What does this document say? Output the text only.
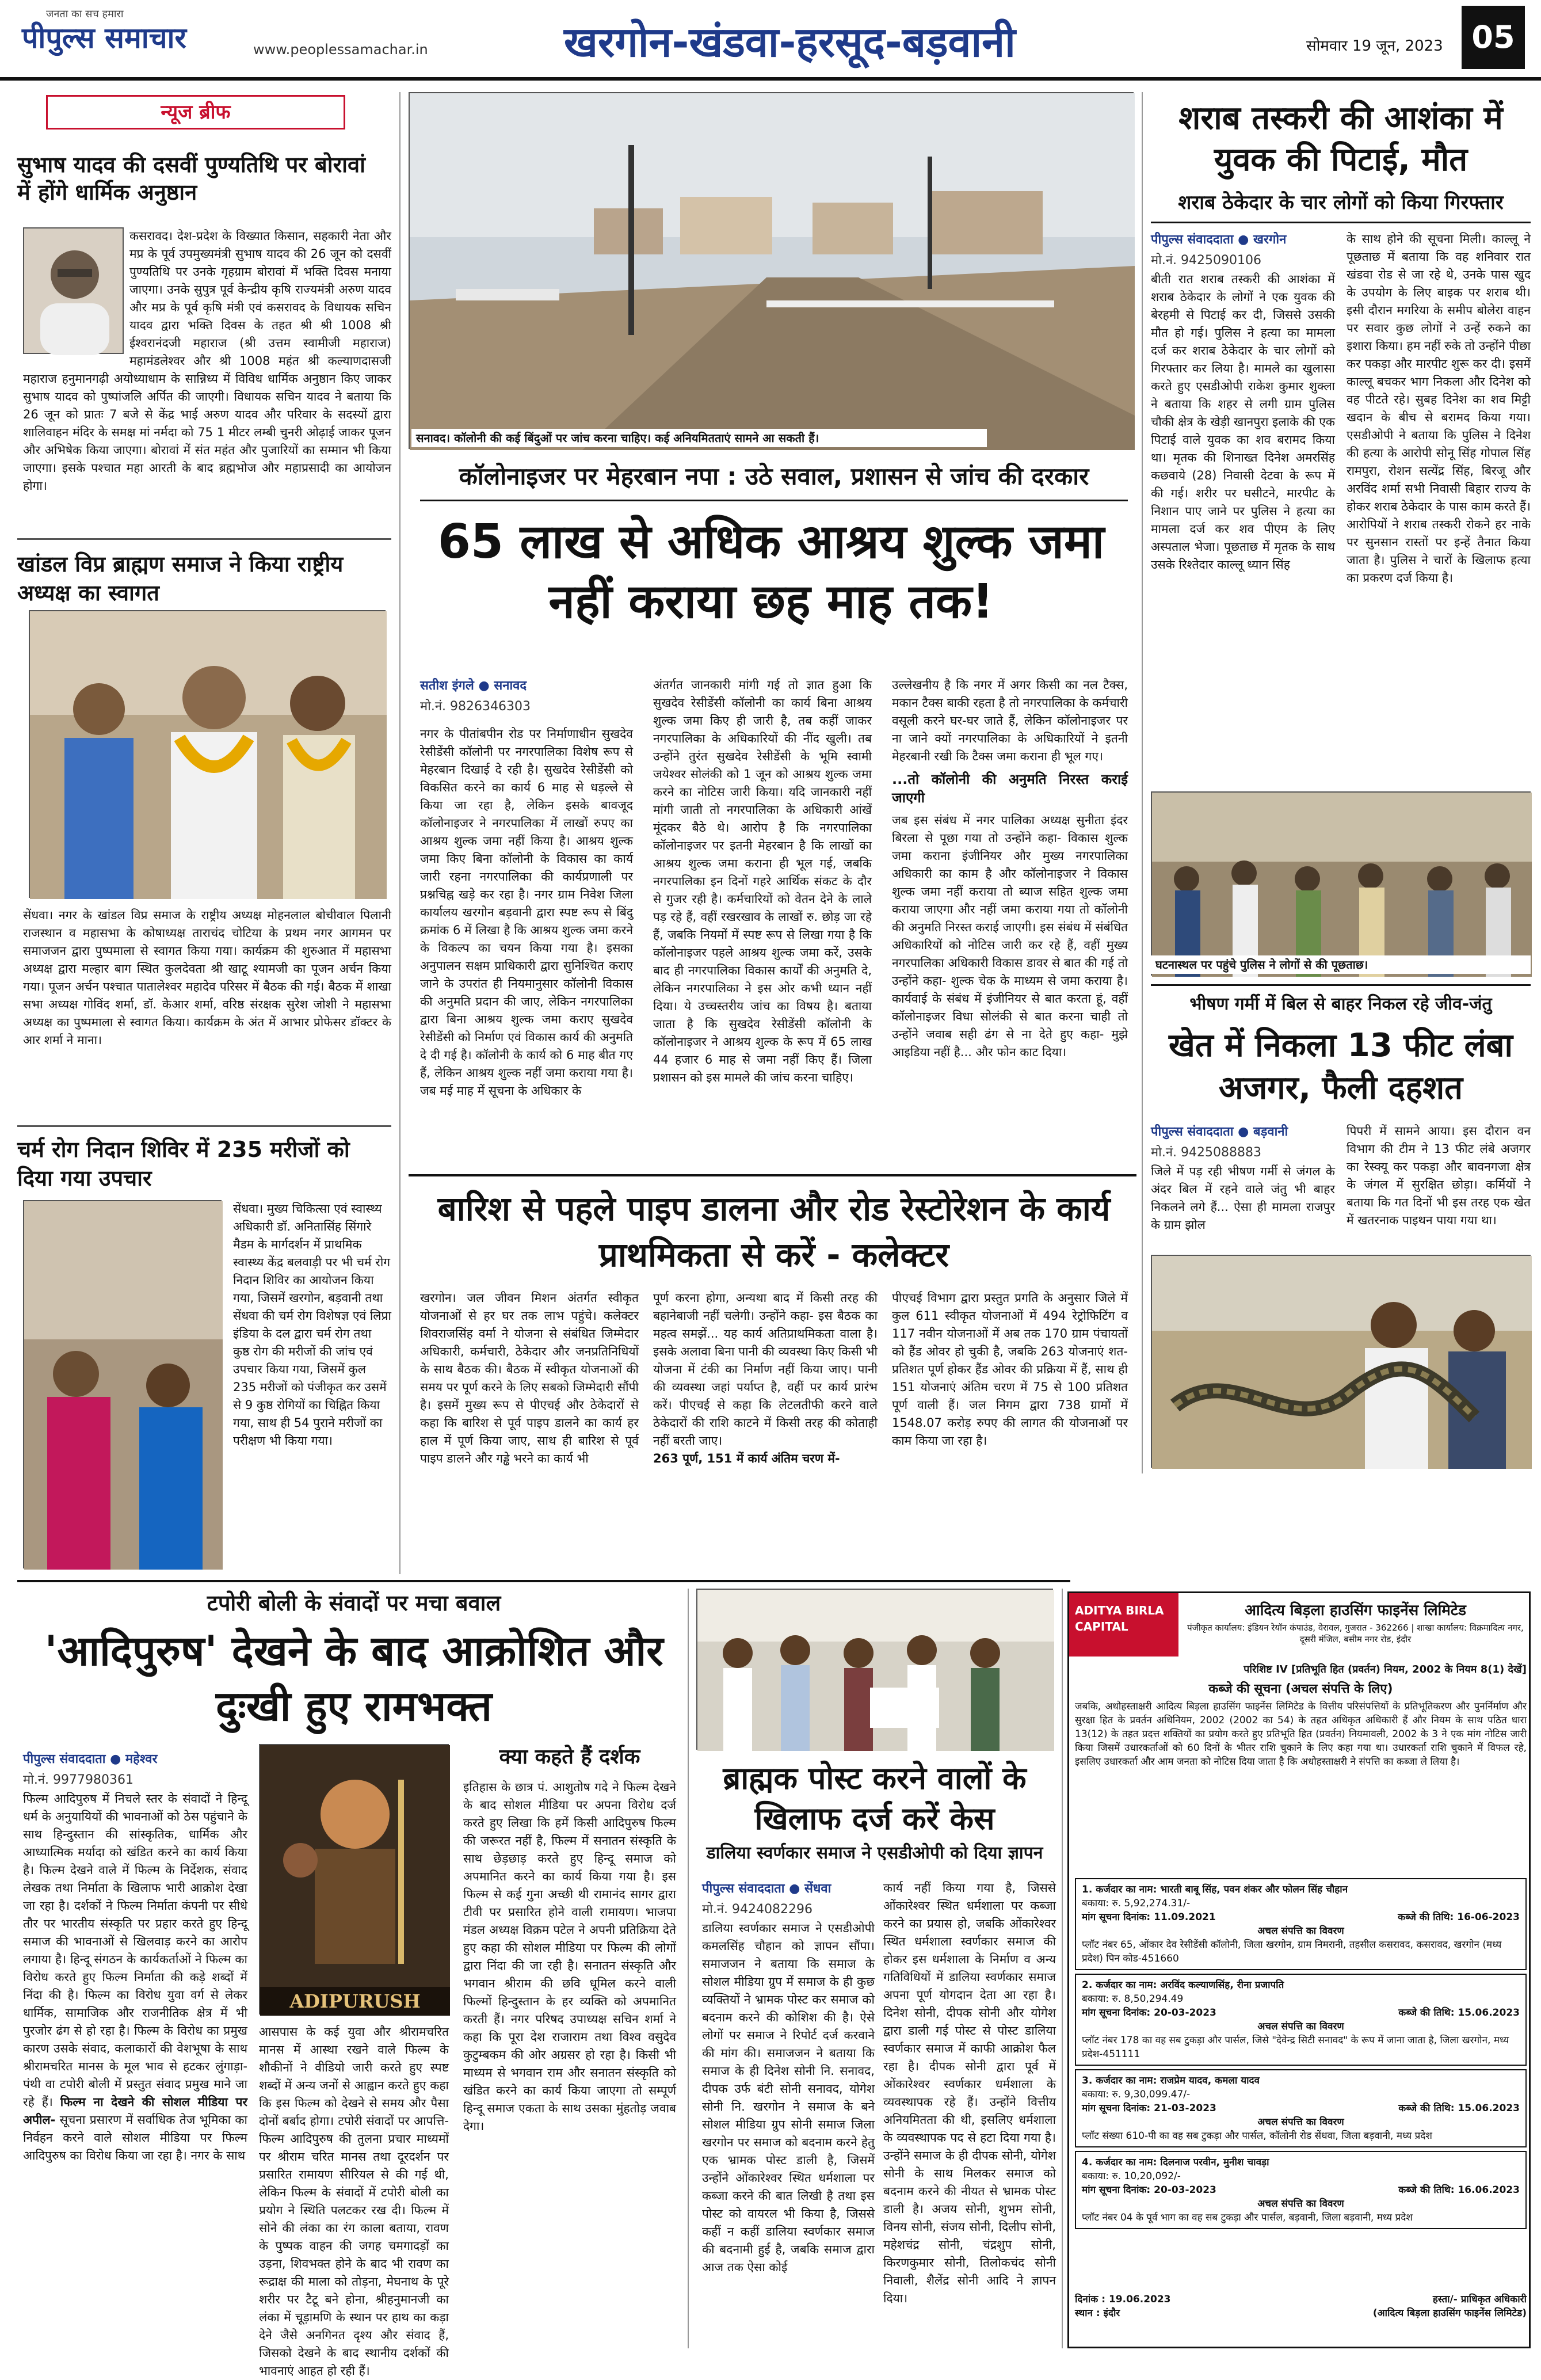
जनता का सच हमारा
पीपुल्स समाचार	www.peoplessamachar.in	खरगोन-खंडवा-हरसूद-बड़वानी	सोमवार 19 जून, 2023 05
न्यूज ब्रीफ
सुभाष यादव की दसवीं पुण्यतिथि पर बोरावां में होंगे धार्मिक अनुष्ठान
कसरावद। देश-प्रदेश के विख्यात किसान, सहकारी नेता और मप्र के पूर्व उपमुख्यमंत्री सुभाष यादव की 26 जून को दसवीं पुण्यतिथि पर उनके गृहग्राम बोरावां में भक्ति दिवस मनाया जाएगा। उनके सुपुत्र पूर्व केन्द्रीय कृषि राज्यमंत्री अरुण यादव और मप्र के पूर्व कृषि मंत्री एवं कसरावद के विधायक सचिन यादव द्वारा भक्ति दिवस के तहत श्री श्री 1008 श्री ईश्वरानंदजी महाराज (श्री उत्तम स्वामीजी महाराज) महामंडलेश्वर और श्री 1008 महंत श्री कल्याणदासजी महाराज हनुमानगढ़ी अयोध्याधाम के सान्निध्य में विविध धार्मिक अनुष्ठान किए जाकर सुभाष यादव को पुष्पांजलि अर्पित की जाएगी। विधायक सचिन यादव ने बताया कि 26 जून को प्रातः 7 बजे से केंद्र भाई अरुण यादव और परिवार के सदस्यों द्वारा शालिवाहन मंदिर के समक्ष मां नर्मदा को 75 1 मीटर लम्बी चुनरी ओढ़ाई जाकर पूजन और अभिषेक किया जाएगा। बोरावां में संत महंत और पुजारियों का सम्मान भी किया जाएगा। इसके पश्चात महा आरती के बाद ब्रह्मभोज और महाप्रसादी का आयोजन होगा।
खांडल विप्र ब्राह्मण समाज ने किया राष्ट्रीय अध्यक्ष का स्वागत
सेंधवा। नगर के खांडल विप्र समाज के राष्ट्रीय अध्यक्ष मोहनलाल बोचीवाल पिलानी राजस्थान व महासभा के कोषाध्यक्ष ताराचंद चोटिया के प्रथम नगर आगमन पर समाजजन द्वारा पुष्पमाला से स्वागत किया गया। कार्यक्रम की शुरुआत में महासभा अध्यक्ष द्वारा मल्हार बाग स्थित कुलदेवता श्री खाटू श्यामजी का पूजन अर्चन किया गया। पूजन अर्चन पश्चात पातालेश्वर महादेव परिसर में बैठक की गई। बैठक में शाखा सभा अध्यक्ष गोविंद शर्मा, डॉ. केआर शर्मा, वरिष्ठ संरक्षक सुरेश जोशी ने महासभा अध्यक्ष का पुष्पमाला से स्वागत किया। कार्यक्रम के अंत में आभार प्रोफेसर डॉक्टर के आर शर्मा ने माना।
चर्म रोग निदान शिविर में 235 मरीजों को दिया गया उपचार
सेंधवा। मुख्य चिकित्सा एवं स्वास्थ्य अधिकारी डॉ. अनितासिंह सिंगारे मैडम के मार्गदर्शन में प्राथमिक स्वास्थ्य केंद्र बलवाड़ी पर भी चर्म रोग निदान शिविर का आयोजन किया गया, जिसमें खरगोन, बड़वानी तथा सेंधवा की चर्म रोग विशेषज्ञ एवं लिप्रा इंडिया के दल द्वारा चर्म रोग तथा कुष्ठ रोग की मरीजों की जांच एवं उपचार किया गया, जिसमें कुल 235 मरीजों को पंजीकृत कर उसमें से 9 कुष्ठ रोगियों का चिह्नित किया गया, साथ ही 54 पुराने मरीजों का परीक्षण भी किया गया।
सनावद। कॉलोनी की कई बिंदुओं पर जांच करना चाहिए। कई अनियमितताएं सामने आ सकती हैं।
कॉलोनाइजर पर मेहरबान नपा : उठे सवाल, प्रशासन से जांच की दरकार
65 लाख से अधिक आश्रय शुल्क जमा नहीं कराया छह माह तक!
सतीश इंगले ● सनावद
मो.नं. 9826346303
नगर के पीतांबपीन रोड पर निर्माणाधीन सुखदेव रेसीडेंसी कॉलोनी पर नगरपालिका विशेष रूप से मेहरबान दिखाई दे रही है। सुखदेव रेसीडेंसी को विकसित करने का कार्य 6 माह से धड़ल्ले से किया जा रहा है, लेकिन इसके बावजूद कॉलोनाइजर ने नगरपालिका में लाखों रुपए का आश्रय शुल्क जमा नहीं किया है। आश्रय शुल्क जमा किए बिना कॉलोनी के विकास का कार्य जारी रहना नगरपालिका की कार्यप्रणाली पर प्रश्नचिह्न खड़े कर रहा है। नगर ग्राम निवेश जिला कार्यालय खरगोन बड़वानी द्वारा स्पष्ट रूप से बिंदु क्रमांक 6 में लिखा है कि आश्रय शुल्क जमा करने के विकल्प का चयन किया गया है। इसका अनुपालन सक्षम प्राधिकारी द्वारा सुनिश्चित कराए जाने के उपरांत ही नियमानुसार कॉलोनी विकास की अनुमति प्रदान की जाए, लेकिन नगरपालिका द्वारा बिना आश्रय शुल्क जमा कराए सुखदेव रेसीडेंसी को निर्माण एवं विकास कार्य की अनुमति दे दी गई है। कॉलोनी के कार्य को 6 माह बीत गए हैं, लेकिन आश्रय शुल्क नहीं जमा कराया गया है। जब मई माह में सूचना के अधिकार के
अंतर्गत जानकारी मांगी गई तो ज्ञात हुआ कि सुखदेव रेसीडेंसी कॉलोनी का कार्य बिना आश्रय शुल्क जमा किए ही जारी है, तब कहीं जाकर नगरपालिका के अधिकारियों की नींद खुली। तब उन्होंने तुरंत सुखदेव रेसीडेंसी के भूमि स्वामी जयेश्वर सोलंकी को 1 जून को आश्रय शुल्क जमा करने का नोटिस जारी किया। यदि जानकारी नहीं मांगी जाती तो नगरपालिका के अधिकारी आंखें मूंदकर बैठे थे। आरोप है कि नगरपालिका कॉलोनाइजर पर इतनी मेहरबान है कि लाखों का आश्रय शुल्क जमा कराना ही भूल गई, जबकि नगरपालिका इन दिनों गहरे आर्थिक संकट के दौर से गुजर रही है। कर्मचारियों को वेतन देने के लाले पड़ रहे हैं, वहीं रखरखाव के लाखों रु. छोड़ जा रहे हैं, जबकि नियमों में स्पष्ट रूप से लिखा गया है कि कॉलोनाइजर पहले आश्रय शुल्क जमा करें, उसके बाद ही नगरपालिका विकास कार्यों की अनुमति दे, लेकिन नगरपालिका ने इस ओर कभी ध्यान नहीं दिया। ये उच्चस्तरीय जांच का विषय है। बताया जाता है कि सुखदेव रेसीडेंसी कॉलोनी के कॉलोनाइजर ने आश्रय शुल्क के रूप में 65 लाख 44 हजार 6 माह से जमा नहीं किए हैं। जिला प्रशासन को इस मामले की जांच करना चाहिए।
उल्लेखनीय है कि नगर में अगर किसी का नल टैक्स, मकान टैक्स बाकी रहता है तो नगरपालिका के कर्मचारी वसूली करने घर-घर जाते हैं, लेकिन कॉलोनाइजर पर ना जाने क्यों नगरपालिका के अधिकारियों ने इतनी मेहरबानी रखी कि टैक्स जमा कराना ही भूल गए।
...तो कॉलोनी की अनुमति निरस्त कराई जाएगी
जब इस संबंध में नगर पालिका अध्यक्ष सुनीता इंदर बिरला से पूछा गया तो उन्होंने कहा- विकास शुल्क जमा कराना इंजीनियर और मुख्य नगरपालिका अधिकारी का काम है और कॉलोनाइजर ने विकास शुल्क जमा नहीं कराया तो ब्याज सहित शुल्क जमा कराया जाएगा और नहीं जमा कराया गया तो कॉलोनी की अनुमति निरस्त कराई जाएगी। इस संबंध में संबंधित अधिकारियों को नोटिस जारी कर रहे हैं, वहीं मुख्य नगरपालिका अधिकारी विकास डावर से बात की गई तो उन्होंने कहा- शुल्क चेक के माध्यम से जमा कराया है। कार्यवाई के संबंध में इंजीनियर से बात करता हूं, वहीं कॉलोनाइजर विधा सोलंकी से बात करना चाही तो उन्होंने जवाब सही ढंग से ना देते हुए कहा- मुझे आइडिया नहीं है... और फोन काट दिया।
शराब तस्करी की आशंका में युवक की पिटाई, मौत
शराब ठेकेदार के चार लोगों को किया गिरफ्तार
पीपुल्स संवाददाता ● खरगोन
मो.नं. 9425090106
बीती रात शराब तस्करी की आशंका में शराब ठेकेदार के लोगों ने एक युवक की बेरहमी से पिटाई कर दी, जिससे उसकी मौत हो गई। पुलिस ने हत्या का मामला दर्ज कर शराब ठेकेदार के चार लोगों को गिरफ्तार कर लिया है। मामले का खुलासा करते हुए एसडीओपी राकेश कुमार शुक्ला ने बताया कि शहर से लगी ग्राम पुलिस चौकी क्षेत्र के खेड़ी खानपुरा इलाके की एक पिटाई वाले युवक का शव बरामद किया था। मृतक की शिनाख्त दिनेश अमरसिंह कछवाये (28) निवासी देटवा के रूप में की गई। शरीर पर घसीटने, मारपीट के निशान पाए जाने पर पुलिस ने हत्या का मामला दर्ज कर शव पीएम के लिए अस्पताल भेजा। पूछताछ में मृतक के साथ उसके रिश्तेदार काल्लू ध्यान सिंह
के साथ होने की सूचना मिली। काल्लू ने पूछताछ में बताया कि वह शनिवार रात खंडवा रोड से जा रहे थे, उनके पास खुद के उपयोग के लिए बाइक पर शराब थी। इसी दौरान मगरिया के समीप बोलेरा वाहन पर सवार कुछ लोगों ने उन्हें रुकने का इशारा किया। हम नहीं रुके तो उन्होंने पीछा कर पकड़ा और मारपीट शुरू कर दी। इसमें काल्लू बचकर भाग निकला और दिनेश को वह पीटते रहे। सुबह दिनेश का शव मिट्टी खदान के बीच से बरामद किया गया। एसडीओपी ने बताया कि पुलिस ने दिनेश की हत्या के आरोपी सोनू सिंह गोपाल सिंह रामपुरा, रोशन सत्येंद्र सिंह, बिरजू और अरविंद शर्मा सभी निवासी बिहार राज्य के होकर शराब ठेकेदार के पास काम करते हैं। आरोपियों ने शराब तस्करी रोकने हर नाके पर सुनसान रास्तों पर इन्हें तैनात किया जाता है। पुलिस ने चारों के खिलाफ हत्या का प्रकरण दर्ज किया है।
घटनास्थल पर पहुंचे पुलिस ने लोगों से की पूछताछ।
भीषण गर्मी में बिल से बाहर निकल रहे जीव-जंतु
खेत में निकला 13 फीट लंबा अजगर, फैली दहशत
पीपुल्स संवाददाता ● बड़वानी
मो.नं. 9425088883
जिले में पड़ रही भीषण गर्मी से जंगल के अंदर बिल में रहने वाले जंतु भी बाहर निकलने लगे हैं... ऐसा ही मामला राजपुर के ग्राम झोल
पिपरी में सामने आया। इस दौरान वन विभाग की टीम ने 13 फीट लंबे अजगर का रेस्क्यू कर पकड़ा और बावनगजा क्षेत्र के जंगल में सुरक्षित छोड़ा। कर्मियों ने बताया कि गत दिनों भी इस तरह एक खेत में खतरनाक पाइथन पाया गया था।
बारिश से पहले पाइप डालना और रोड रेस्टोरेशन के कार्य प्राथमिकता से करें - कलेक्टर
खरगोन। जल जीवन मिशन अंतर्गत स्वीकृत योजनाओं से हर घर तक लाभ पहुंचे। कलेक्टर शिवराजसिंह वर्मा ने योजना से संबंधित जिम्मेदार अधिकारी, कर्मचारी, ठेकेदार और जनप्रतिनिधियों के साथ बैठक की। बैठक में स्वीकृत योजनाओं की समय पर पूर्ण करने के लिए सबको जिम्मेदारी सौंपी है। इसमें मुख्य रूप से पीएचई और ठेकेदारों से कहा कि बारिश से पूर्व पाइप डालने का कार्य हर हाल में पूर्ण किया जाए, साथ ही बारिश से पूर्व पाइप डालने और गड्ढे भरने का कार्य भी
पूर्ण करना होगा, अन्यथा बाद में किसी तरह की बहानेबाजी नहीं चलेगी। उन्होंने कहा- इस बैठक का महत्व समझें... यह कार्य अतिप्राथमिकता वाला है। इसके अलावा बिना पानी की व्यवस्था किए किसी भी योजना में टंकी का निर्माण नहीं किया जाए। पानी की व्यवस्था जहां पर्याप्त है, वहीं पर कार्य प्रारंभ करें। पीएचई से कहा कि लेटलतीफी करने वाले ठेकेदारों की राशि काटने में किसी तरह की कोताही नहीं बरती जाए।
263 पूर्ण, 151 में कार्य अंतिम चरण में-
पीएचई विभाग द्वारा प्रस्तुत प्रगति के अनुसार जिले में कुल 611 स्वीकृत योजनाओं में 494 रेट्रोफिटिंग व 117 नवीन योजनाओं में अब तक 170 ग्राम पंचायतों को हैंड ओवर हो चुकी है, जबकि 263 योजनाएं शत-प्रतिशत पूर्ण होकर हैंड ओवर की प्रक्रिया में हैं, साथ ही 151 योजनाएं अंतिम चरण में 75 से 100 प्रतिशत पूर्ण वाली हैं। जल निगम द्वारा 738 ग्रामों में 1548.07 करोड़ रुपए की लागत की योजनाओं पर काम किया जा रहा है।
टपोरी बोली के संवादों पर मचा बवाल
'आदिपुरुष' देखने के बाद आक्रोशित और दुःखी हुए रामभक्त
पीपुल्स संवाददाता ● महेश्वर
मो.नं. 9977980361
फिल्म आदिपुरुष में निचले स्तर के संवादों ने हिन्दू धर्म के अनुयायियों की भावनाओं को ठेस पहुंचाने के साथ हिन्दुस्तान की सांस्कृतिक, धार्मिक और आध्यात्मिक मर्यादा को खंडित करने का कार्य किया है। फिल्म देखने वाले में फिल्म के निर्देशक, संवाद लेखक तथा निर्माता के खिलाफ भारी आक्रोश देखा जा रहा है। दर्शकों ने फिल्म निर्माता कंपनी पर सीधे तौर पर भारतीय संस्कृति पर प्रहार करते हुए हिन्दू समाज की भावनाओं से खिलवाड़ करने का आरोप लगाया है। हिन्दू संगठन के कार्यकर्ताओं ने फिल्म का विरोध करते हुए फिल्म निर्माता की कड़े शब्दों में निंदा की है। फिल्म का विरोध युवा वर्ग से लेकर धार्मिक, सामाजिक और राजनीतिक क्षेत्र में भी पुरजोर ढंग से हो रहा है। फिल्म के विरोध का प्रमुख कारण उसके संवाद, कलाकारों की वेशभूषा के साथ श्रीरामचरित मानस के मूल भाव से हटकर लुंगाड़ा-पंथी वा टपोरी बोली में प्रस्तुत संवाद प्रमुख माने जा रहे हैं। फिल्म ना देखने की सोशल मीडिया पर अपील- सूचना प्रसारण में सर्वाधिक तेज भूमिका का निर्वहन करने वाले सोशल मीडिया पर फिल्म आदिपुरुष का विरोध किया जा रहा है। नगर के साथ
ADIPURUSH
आसपास के कई युवा और श्रीरामचरित मानस में आस्था रखने वाले फिल्म के शौकीनों ने वीडियो जारी करते हुए स्पष्ट शब्दों में अन्य जनों से आह्वान करते हुए कहा कि इस फिल्म को देखने से समय और पैसा दोनों बर्बाद होगा। टपोरी संवादों पर आपत्ति- फिल्म आदिपुरुष की तुलना प्रचार माध्यमों पर श्रीराम चरित मानस तथा दूरदर्शन पर प्रसारित रामायण सीरियल से की गई थी, लेकिन फिल्म के संवादों में टपोरी बोली का प्रयोग ने स्थिति पलटकर रख दी। फिल्म में सोने की लंका का रंग काला बताया, रावण के पुष्पक वाहन की जगह चमगादड़ों का उड़ना, शिवभक्त होने के बाद भी रावण का रूद्राक्ष की माला को तोड़ना, मेघनाथ के पूरे शरीर पर टैटू बने होना, श्रीहनुमानजी का लंका में चूड़ामणि के स्थान पर हाथ का कड़ा देने जैसे अनगिनत दृश्य और संवाद हैं, जिसको देखने के बाद स्थानीय दर्शकों की भावनाएं आहत हो रही हैं।
क्या कहते हैं दर्शक
इतिहास के छात्र पं. आशुतोष गदे ने फिल्म देखने के बाद सोशल मीडिया पर अपना विरोध दर्ज करते हुए लिखा कि हमें किसी आदिपुरुष फिल्म की जरूरत नहीं है, फिल्म में सनातन संस्कृति के साथ छेड़छाड़ करते हुए हिन्दू समाज को अपमानित करने का कार्य किया गया है। इस फिल्म से कई गुना अच्छी थी रामानंद सागर द्वारा टीवी पर प्रसारित होने वाली रामायण। भाजपा मंडल अध्यक्ष विक्रम पटेल ने अपनी प्रतिक्रिया देते हुए कहा की सोशल मीडिया पर फिल्म की लोगों द्वारा निंदा की जा रही है। सनातन संस्कृति और भगवान श्रीराम की छवि धूमिल करने वाली फिल्मों हिन्दुस्तान के हर व्यक्ति को अपमानित करती हैं। नगर परिषद उपाध्यक्ष सचिन शर्मा ने कहा कि पूरा देश राजाराम तथा विश्व वसुदेव कुटुम्बकम की ओर अग्रसर हो रहा है। किसी भी माध्यम से भगवान राम और सनातन संस्कृति को खंडित करने का कार्य किया जाएगा तो सम्पूर्ण हिन्दू समाज एकता के साथ उसका मुंहतोड़ जवाब देगा।
ब्राह्मक पोस्ट करने वालों के खिलाफ दर्ज करें केस
डालिया स्वर्णकार समाज ने एसडीओपी को दिया ज्ञापन
पीपुल्स संवाददाता ● सेंधवा
मो.नं. 9424082296
डालिया स्वर्णकार समाज ने एसडीओपी कमलसिंह चौहान को ज्ञापन सौंपा। समाजजन ने बताया कि समाज के सोशल मीडिया ग्रुप में समाज के ही कुछ व्यक्तियों ने भ्रामक पोस्ट कर समाज को बदनाम करने की कोशिश की है। ऐसे लोगों पर समाज ने रिपोर्ट दर्ज करवाने की मांग की। समाजजन ने बताया कि समाज के ही दिनेश सोनी नि. सनावद, दीपक उर्फ बंटी सोनी सनावद, योगेश सोनी नि. खरगोन ने समाज के बने सोशल मीडिया ग्रुप सोनी समाज जिला खरगोन पर समाज को बदनाम करने हेतु एक भ्रामक पोस्ट डाली है, जिसमें उन्होंने ओंकारेश्वर स्थित धर्मशाला पर कब्जा करने की बात लिखी है तथा इस पोस्ट को वायरल भी किया है, जिससे कहीं न कहीं डालिया स्वर्णकार समाज की बदनामी हुई है, जबकि समाज द्वारा आज तक ऐसा कोई
कार्य नहीं किया गया है, जिससे ओंकारेश्वर स्थित धर्मशाला पर कब्जा करने का प्रयास हो, जबकि ओंकारेश्वर स्थित धर्मशाला स्वर्णकार समाज की होकर इस धर्मशाला के निर्माण व अन्य गतिविधियों में डालिया स्वर्णकार समाज अपना पूर्ण योगदान देता आ रहा है। दिनेश सोनी, दीपक सोनी और योगेश द्वारा डाली गई पोस्ट से पोस्ट डालिया स्वर्णकार समाज में काफी आक्रोश फैल रहा है। दीपक सोनी द्वारा पूर्व में ओंकारेश्वर स्वर्णकार धर्मशाला के व्यवस्थापक रहे हैं। उन्होंने वित्तीय अनियमितता की थी, इसलिए धर्मशाला के व्यवस्थापक पद से हटा दिया गया है। उन्होंने समाज के ही दीपक सोनी, योगेश सोनी के साथ मिलकर समाज को बदनाम करने की नीयत से भ्रामक पोस्ट डाली है। अजय सोनी, शुभम सोनी, विनय सोनी, संजय सोनी, दिलीप सोनी, महेशचंद्र सोनी, चंद्रशुप सोनी, किरणकुमार सोनी, तिलोकचंद सोनी निवाली, शैलेंद्र सोनी आदि ने ज्ञापन दिया।
ADITYA BIRLA CAPITAL
आदित्य बिड़ला हाउसिंग फाइनेंस लिमिटेड
पंजीकृत कार्यालय: इंडियन रेयॉन कंपाउंड, वेरावल, गुजरात - 362266 | शाखा कार्यालय: विक्रमादित्य नगर, दूसरी मंजिल, बसीम नगर रोड, इंदौर
परिशिष्ट IV [प्रतिभूति हित (प्रवर्तन) नियम, 2002 के नियम 8(1) देखें]
कब्जे की सूचना (अचल संपत्ति के लिए)
जबकि, अधोहस्ताक्षरी आदित्य बिड़ला हाउसिंग फाइनेंस लिमिटेड के वित्तीय परिसंपत्तियों के प्रतिभूतिकरण और पुनर्निर्माण और सुरक्षा हित के प्रवर्तन अधिनियम, 2002 (2002 का 54) के तहत अधिकृत अधिकारी हैं और नियम के साथ पठित धारा 13(12) के तहत प्रदत्त शक्तियों का प्रयोग करते हुए प्रतिभूति हित (प्रवर्तन) नियमावली, 2002 के 3 ने एक मांग नोटिस जारी किया जिसमें उधारकर्ताओं को 60 दिनों के भीतर राशि चुकाने के लिए कहा गया था। उधारकर्ता राशि चुकाने में विफल रहे, इसलिए उधारकर्ता और आम जनता को नोटिस दिया जाता है कि अधोहस्ताक्षरी ने संपत्ति का कब्जा ले लिया है।
1. कर्जदार का नाम: भारती बाबू सिंह, पवन शंकर और फोलन सिंह चौहान
बकाया: रु. 5,92,274.31/-
मांग सूचना दिनांक: 11.09.2021	कब्जे की तिथि: 16-06-2023
अचल संपत्ति का विवरण
प्लॉट नंबर 65, ओंकार देव रेसीडेंसी कॉलोनी, जिला खरगोन, ग्राम निमरानी, तहसील कसरावद, कसरावद, खरगोन (मध्य प्रदेश) पिन कोड-451660
2. कर्जदार का नाम: अरविंद कल्याणसिंह, रीना प्रजापति
बकाया: रु. 8,50,294.49
मांग सूचना दिनांक: 20-03-2023	कब्जे की तिथि: 15.06.2023
अचल संपत्ति का विवरण
प्लॉट नंबर 178 का वह सब टुकड़ा और पार्सल, जिसे "देवेन्द्र सिटी सनावद" के रूप में जाना जाता है, जिला खरगोन, मध्य प्रदेश-451111
3. कर्जदार का नाम: राजप्रेम यादव, कमला यादव
बकाया: रु. 9,30,099.47/-
मांग सूचना दिनांक: 21-03-2023	कब्जे की तिथि: 15.06.2023
अचल संपत्ति का विवरण
प्लॉट संख्या 610-पी का वह सब टुकड़ा और पार्सल, कॉलोनी रोड सेंधवा, जिला बड़वानी, मध्य प्रदेश
4. कर्जदार का नाम: दिलनाज परवीन, मुनीश चावड़ा
बकाया: रु. 10,20,092/-
मांग सूचना दिनांक: 20-03-2023	कब्जे की तिथि: 16.06.2023
अचल संपत्ति का विवरण
प्लॉट नंबर 04 के पूर्व भाग का वह सब टुकड़ा और पार्सल, बड़वानी, जिला बड़वानी, मध्य प्रदेश
दिनांक : 19.06.2023	हस्ता/- प्राधिकृत अधिकारी
स्थान : इंदौर	(आदित्य बिड़ला हाउसिंग फाइनेंस लिमिटेड)
